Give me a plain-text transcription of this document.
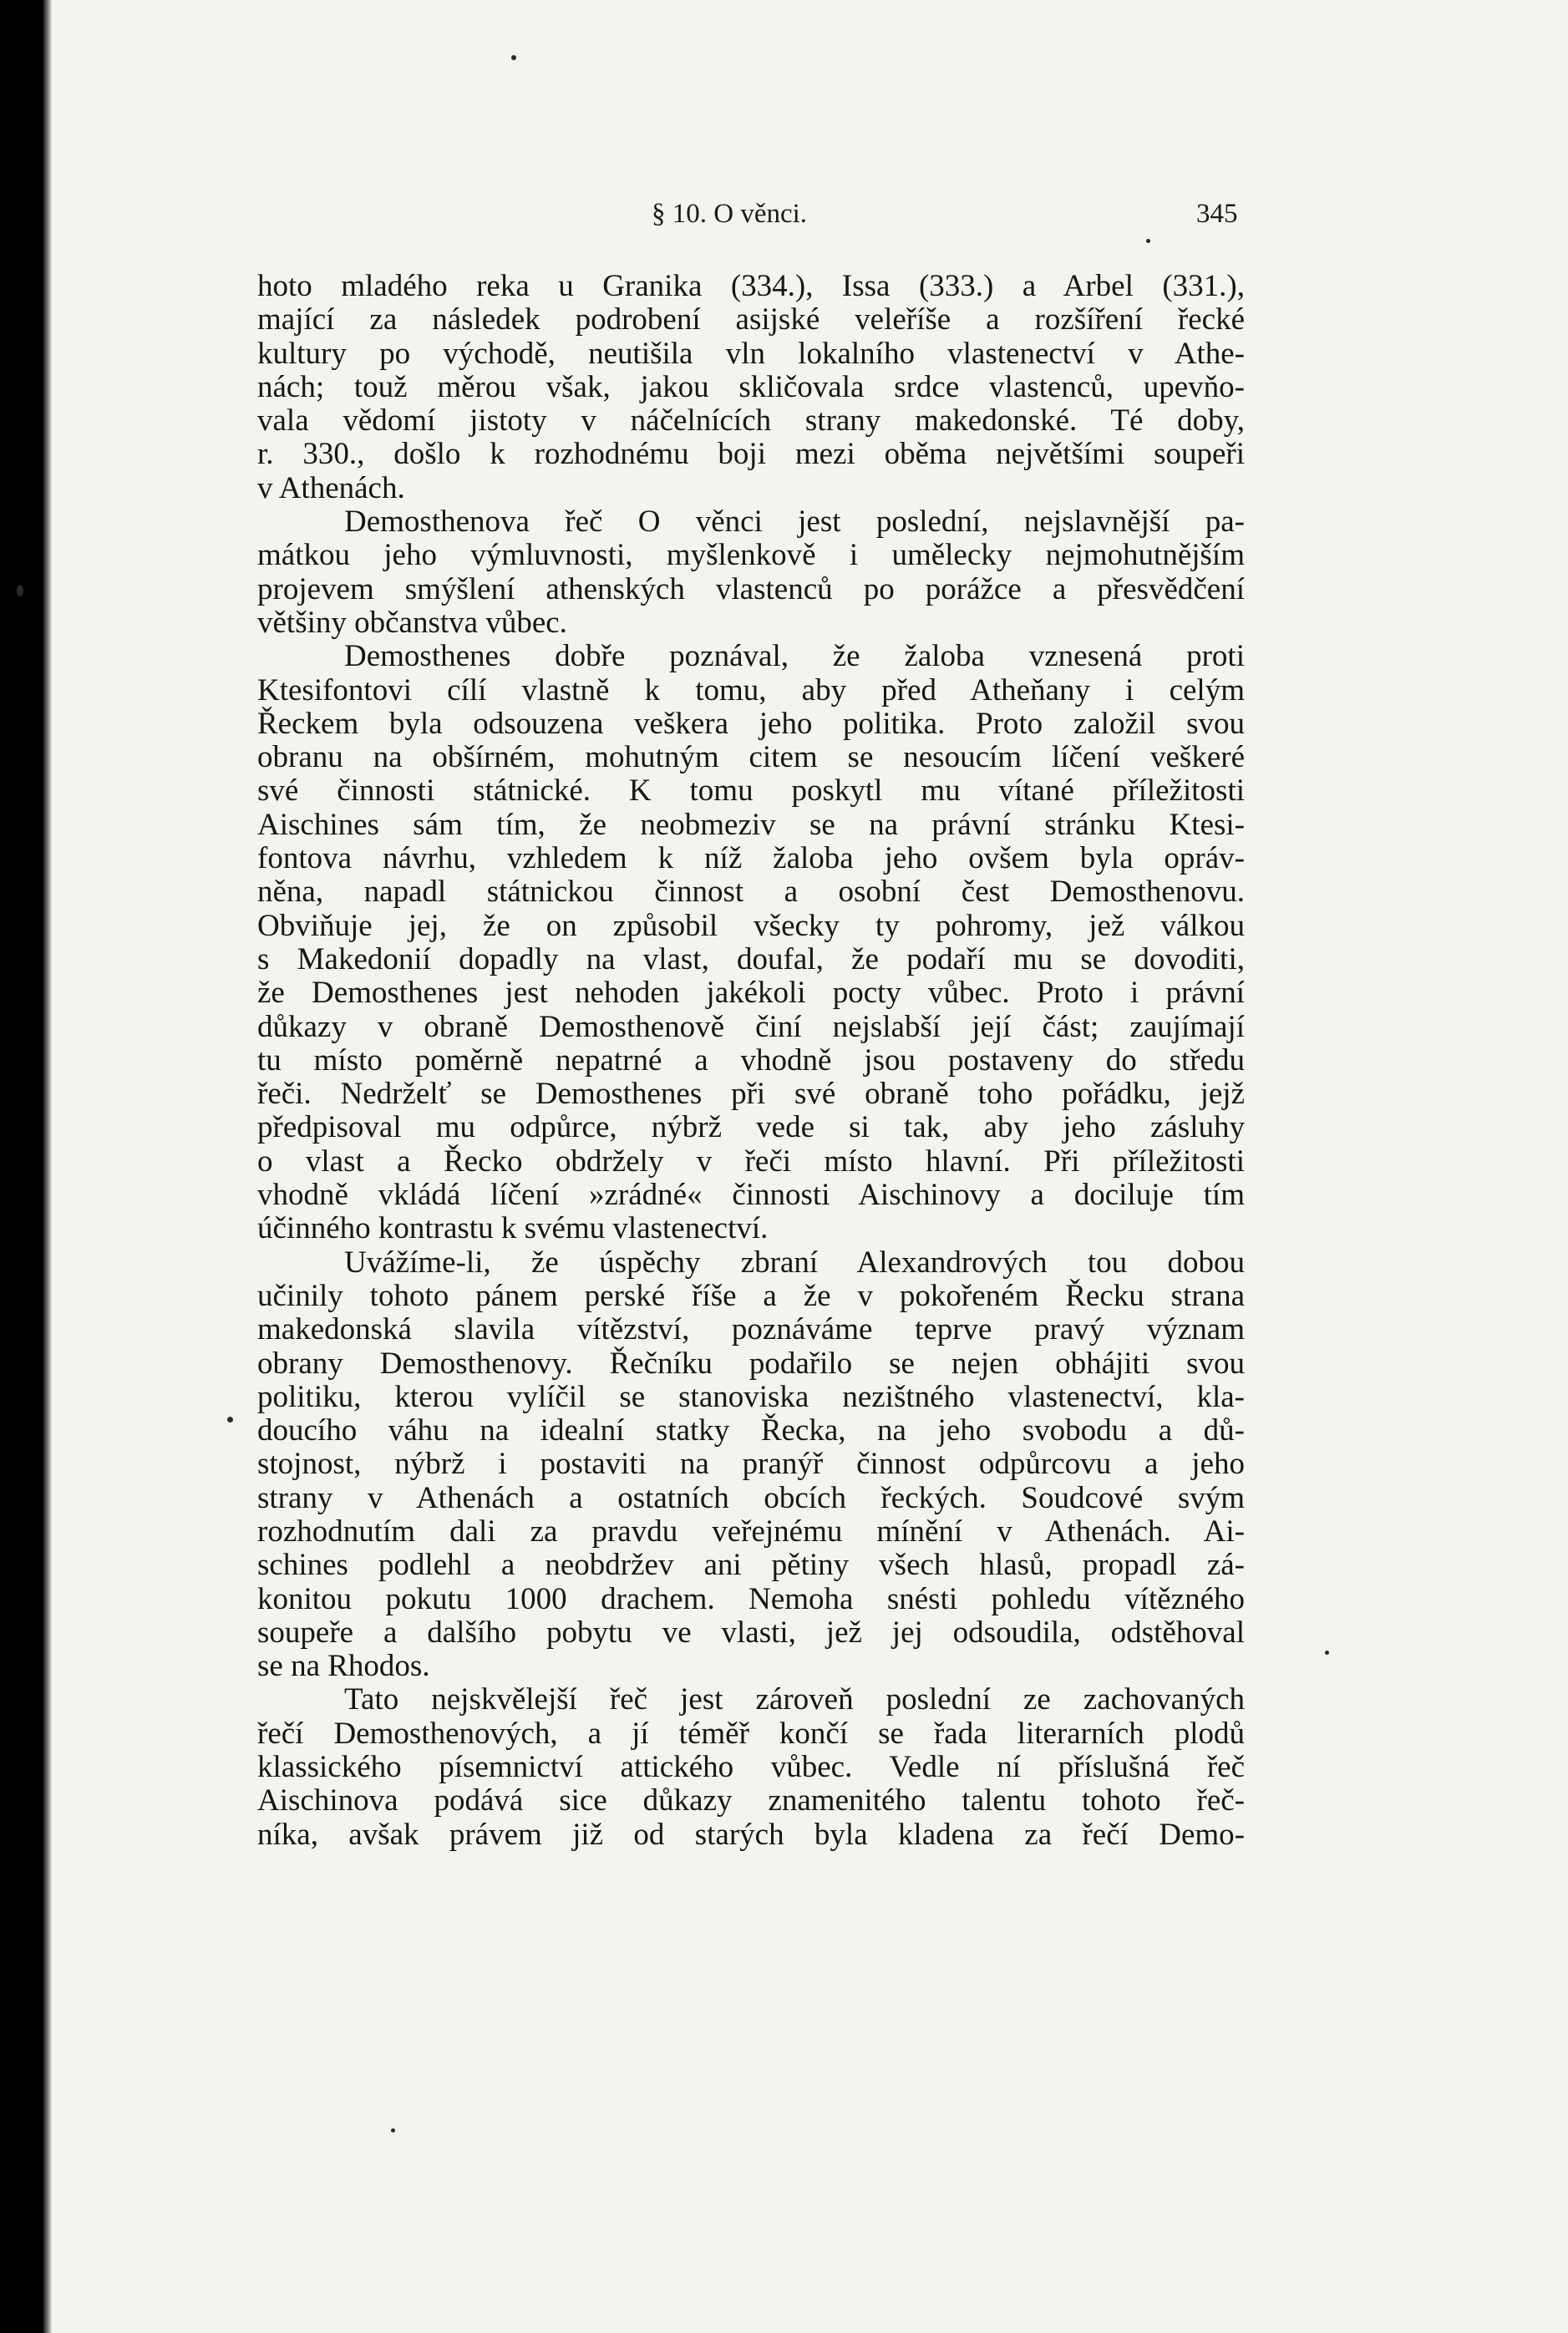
§ 10. O věnci.	345

hoto mladého reka u Granika (334.), Issa (333.) a Arbel (331.),
mající za následek podrobení asijské veleříše a rozšíření řecké
kultury po východě, neutišila vln lokalního vlastenectví v Athe-
nách; touž měrou však, jakou skličovala srdce vlastenců, upevňo-
vala vědomí jistoty v náčelnících strany makedonské. Té doby,
r. 330., došlo k rozhodnému boji mezi oběma největšími soupeři
v Athenách.

Demosthenova řeč O věnci jest poslední, nejslavnější pa-
mátkou jeho výmluvnosti, myšlenkově i umělecky nejmohutnějším
projevem smýšlení athenských vlastenců po porážce a přesvědčení
většiny občanstva vůbec.

Demosthenes dobře poznával, že žaloba vznesená proti
Ktesifontovi cílí vlastně k tomu, aby před Atheňany i celým
Řeckem byla odsouzena veškera jeho politika. Proto založil svou
obranu na obšírném, mohutným citem se nesoucím líčení veškeré
své činnosti státnické. K tomu poskytl mu vítané příležitosti
Aischines sám tím, že neobmeziv se na právní stránku Ktesi-
fontova návrhu, vzhledem k níž žaloba jeho ovšem byla opráv-
něna, napadl státnickou činnost a osobní čest Demosthenovu.
Obviňuje jej, že on způsobil všecky ty pohromy, jež válkou
s Makedonií dopadly na vlast, doufal, že podaří mu se dovoditi,
že Demosthenes jest nehoden jakékoli pocty vůbec. Proto i právní
důkazy v obraně Demosthenově činí nejslabší její část; zaujímají
tu místo poměrně nepatrné a vhodně jsou postaveny do středu
řeči. Nedrželť se Demosthenes při své obraně toho pořádku, jejž
předpisoval mu odpůrce, nýbrž vede si tak, aby jeho zásluhy
o vlast a Řecko obdržely v řeči místo hlavní. Při příležitosti
vhodně vkládá líčení »zrádné« činnosti Aischinovy a dociluje tím
účinného kontrastu k svému vlastenectví.

Uvážíme-li, že úspěchy zbraní Alexandrových tou dobou
učinily tohoto pánem perské říše a že v pokořeném Řecku strana
makedonská slavila vítězství, poznáváme teprve pravý význam
obrany Demosthenovy. Řečníku podařilo se nejen obhájiti svou
politiku, kterou vylíčil se stanoviska nezištného vlastenectví, kla-
doucího váhu na idealní statky Řecka, na jeho svobodu a dů-
stojnost, nýbrž i postaviti na pranýř činnost odpůrcovu a jeho
strany v Athenách a ostatních obcích řeckých. Soudcové svým
rozhodnutím dali za pravdu veřejnému mínění v Athenách. Ai-
schines podlehl a neobdržev ani pětiny všech hlasů, propadl zá-
konitou pokutu 1000 drachem. Nemoha snésti pohledu vítězného
soupeře a dalšího pobytu ve vlasti, jež jej odsoudila, odstěhoval
se na Rhodos.

Tato nejskvělejší řeč jest zároveň poslední ze zachovaných
řečí Demosthenových, a jí téměř končí se řada literarních plodů
klassického písemnictví attického vůbec. Vedle ní příslušná řeč
Aischinova podává sice důkazy znamenitého talentu tohoto řeč-
níka, avšak právem již od starých byla kladena za řečí Demo-
